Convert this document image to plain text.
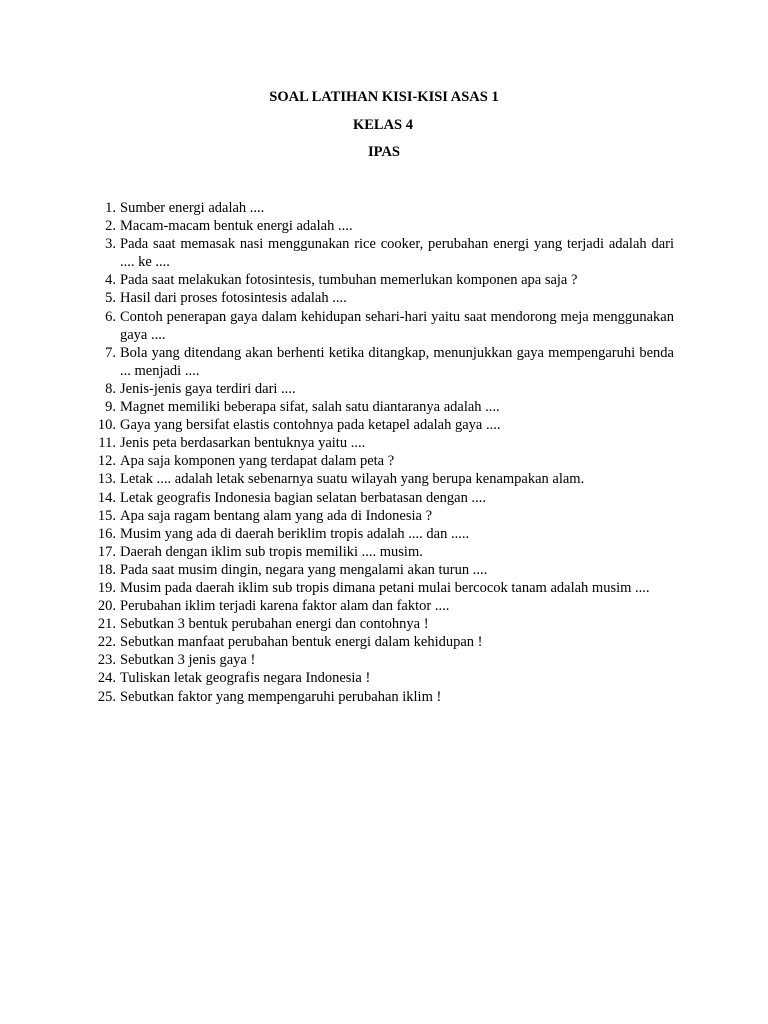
SOAL LATIHAN KISI-KISI ASAS 1
KELAS 4
IPAS
1. Sumber energi adalah ....
2. Macam-macam bentuk energi adalah ....
3. Pada saat memasak nasi menggunakan rice cooker, perubahan energi yang terjadi adalah dari .... ke ....
4. Pada saat melakukan fotosintesis, tumbuhan memerlukan komponen apa saja ?
5. Hasil dari proses fotosintesis adalah ....
6. Contoh penerapan gaya dalam kehidupan sehari-hari yaitu saat mendorong meja menggunakan gaya ....
7. Bola yang ditendang akan berhenti ketika ditangkap, menunjukkan gaya mempengaruhi benda ... menjadi ....
8. Jenis-jenis gaya terdiri dari ....
9. Magnet memiliki beberapa sifat, salah satu diantaranya adalah ....
10. Gaya yang bersifat elastis contohnya pada ketapel adalah gaya ....
11. Jenis peta berdasarkan bentuknya yaitu ....
12. Apa saja komponen yang terdapat dalam peta ?
13. Letak .... adalah letak sebenarnya suatu wilayah yang berupa kenampakan alam.
14. Letak geografis Indonesia bagian selatan berbatasan dengan ....
15. Apa saja ragam bentang alam yang ada di Indonesia ?
16. Musim yang ada di daerah beriklim tropis adalah .... dan .....
17. Daerah dengan iklim sub tropis memiliki .... musim.
18. Pada saat musim dingin, negara yang mengalami akan turun ....
19. Musim pada daerah iklim sub tropis dimana petani mulai bercocok tanam adalah musim ....
20. Perubahan iklim terjadi karena faktor alam dan faktor ....
21. Sebutkan 3 bentuk perubahan energi dan contohnya !
22. Sebutkan manfaat perubahan bentuk energi dalam kehidupan !
23. Sebutkan 3 jenis gaya !
24. Tuliskan letak geografis negara Indonesia !
25. Sebutkan faktor yang mempengaruhi perubahan iklim !
